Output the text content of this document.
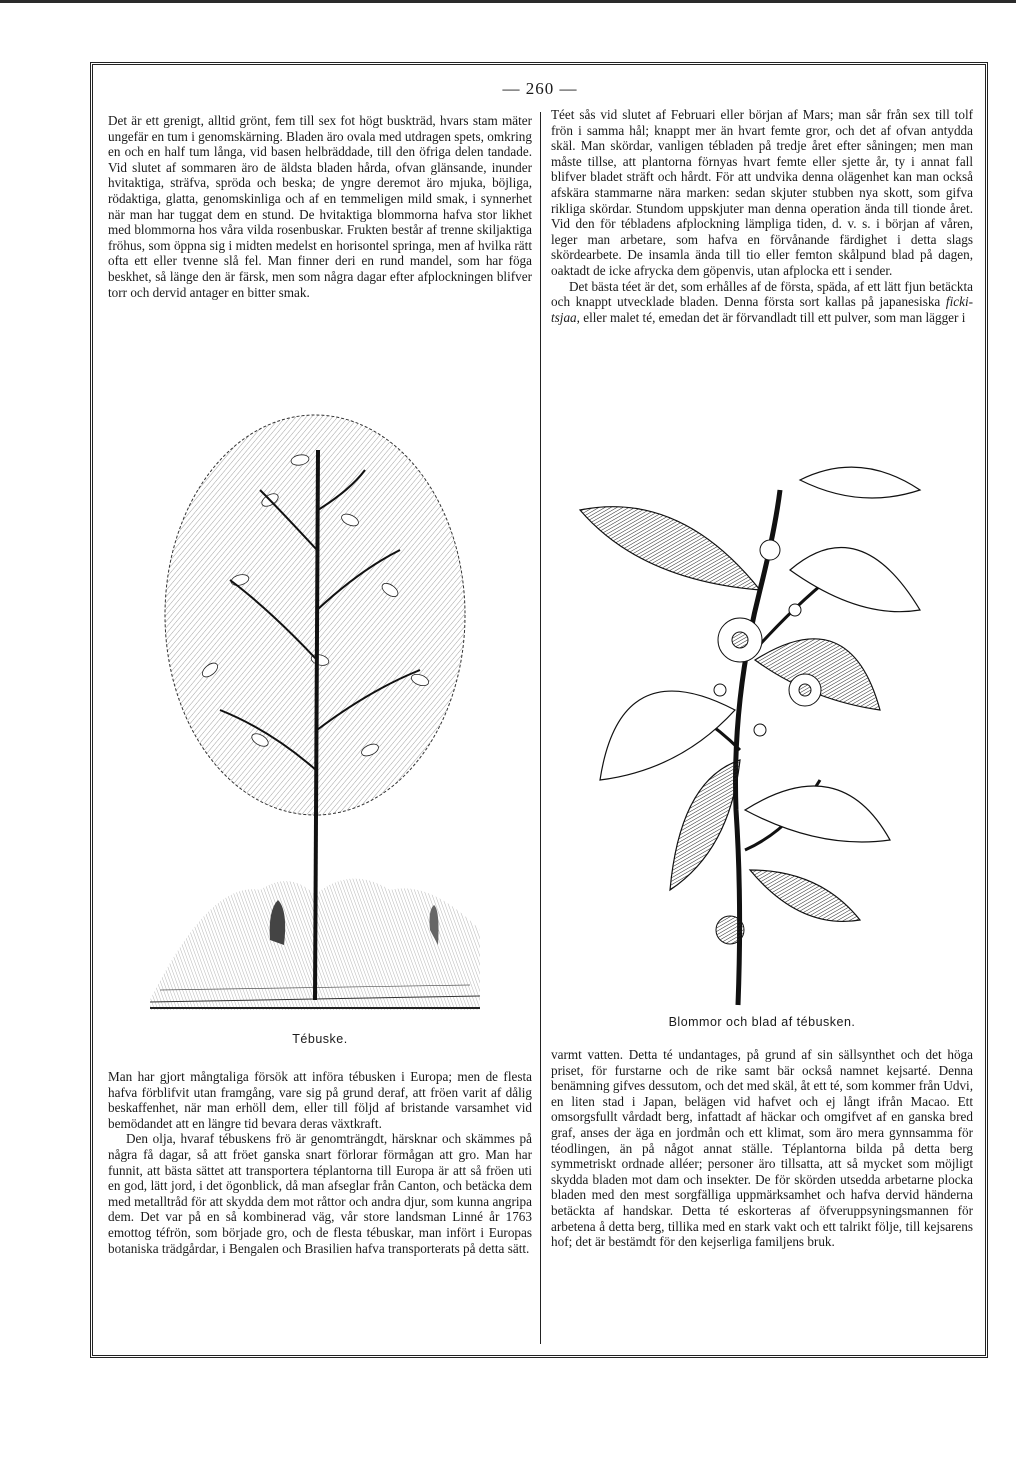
— 260 —

Det är ett grenigt, alltid grönt, fem till sex fot högt buskträd, hvars stam mäter ungefär en tum i genomskärning. Bladen äro ovala med utdragen spets, omkring en och en half tum långa, vid basen helbräddade, till den öfriga delen tandade. Vid slutet af sommaren äro de äldsta bladen hårda, ofvan glänsande, inunder hvitaktiga, sträfva, spröda och beska; de yngre deremot äro mjuka, böjliga, rödaktiga, glatta, genomskinliga och af en temmeligen mild smak, i synnerhet när man har tuggat dem en stund. De hvitaktiga blommorna hafva stor likhet med blommorna hos våra vilda rosenbuskar. Frukten består af trenne skiljaktiga fröhus, som öppna sig i midten medelst en horisontel springa, men af hvilka rätt ofta ett eller tvenne slå fel. Man finner deri en rund mandel, som har föga beskhet, så länge den är färsk, men som några dagar efter afplockningen blifver torr och dervid antager en bitter smak.

Tébuske.

Man har gjort mångtaliga försök att införa tébusken i Europa; men de flesta hafva förblifvit utan framgång, vare sig på grund deraf, att fröen varit af dålig beskaffenhet, när man erhöll dem, eller till följd af bristande varsamhet vid bemödandet att en längre tid bevara deras växtkraft.

Den olja, hvaraf tébuskens frö är genomträngdt, härsknar och skämmes på några få dagar, så att fröet ganska snart förlorar förmågan att gro. Man har funnit, att bästa sättet att transportera téplantorna till Europa är att så fröen uti en god, lätt jord, i det ögonblick, då man afseglar från Canton, och betäcka dem med metalltråd för att skydda dem mot råttor och andra djur, som kunna angripa dem. Det var på en så kombinerad väg, vår store landsman Linné år 1763 emottog téfrön, som började gro, och de flesta tébuskar, man infört i Europas botaniska trädgårdar, i Bengalen och Brasilien hafva transporterats på detta sätt.

Téet sås vid slutet af Februari eller början af Mars; man sår från sex till tolf frön i samma hål; knappt mer än hvart femte gror, och det af ofvan antydda skäl. Man skördar, vanligen tébladen på tredje året efter såningen; men man måste tillse, att plantorna förnyas hvart femte eller sjette år, ty i annat fall blifver bladet sträft och hårdt. För att undvika denna olägenhet kan man också afskära stammarne nära marken: sedan skjuter stubben nya skott, som gifva rikliga skördar. Stundom uppskjuter man denna operation ända till tionde året. Vid den för tébladens afplockning lämpliga tiden, d. v. s. i början af våren, leger man arbetare, som hafva en förvånande färdighet i detta slags skördearbete. De insamla ända till tio eller femton skålpund blad på dagen, oaktadt de icke afrycka dem göpenvis, utan afplocka ett i sender.

Det bästa téet är det, som erhålles af de första, späda, af ett lätt fjun betäckta och knappt utvecklade bladen. Denna första sort kallas på japanesiska ficki-tsjaa, eller malet té, emedan det är förvandladt till ett pulver, som man lägger i

Blommor och blad af tébusken.

varmt vatten. Detta té undantages, på grund af sin sällsynthet och det höga priset, för furstarne och de rike samt bär också namnet kejsarté. Denna benämning gifves dessutom, och det med skäl, åt ett té, som kommer från Udvi, en liten stad i Japan, belägen vid hafvet och ej långt ifrån Macao. Ett omsorgsfullt vårdadt berg, infattadt af häckar och omgifvet af en ganska bred graf, anses der äga en jordmån och ett klimat, som äro mera gynnsamma för téodlingen, än på något annat ställe. Téplantorna bilda på detta berg symmetriskt ordnade alléer; personer äro tillsatta, att så mycket som möjligt skydda bladen mot dam och insekter. De för skörden utsedda arbetarne plocka bladen med den mest sorgfälliga uppmärksamhet och hafva dervid händerna betäckta af handskar. Detta té eskorteras af öfveruppsyningsmannen för arbetena å detta berg, tillika med en stark vakt och ett talrikt följe, till kejsarens hof; det är bestämdt för den kejserliga familjens bruk.
